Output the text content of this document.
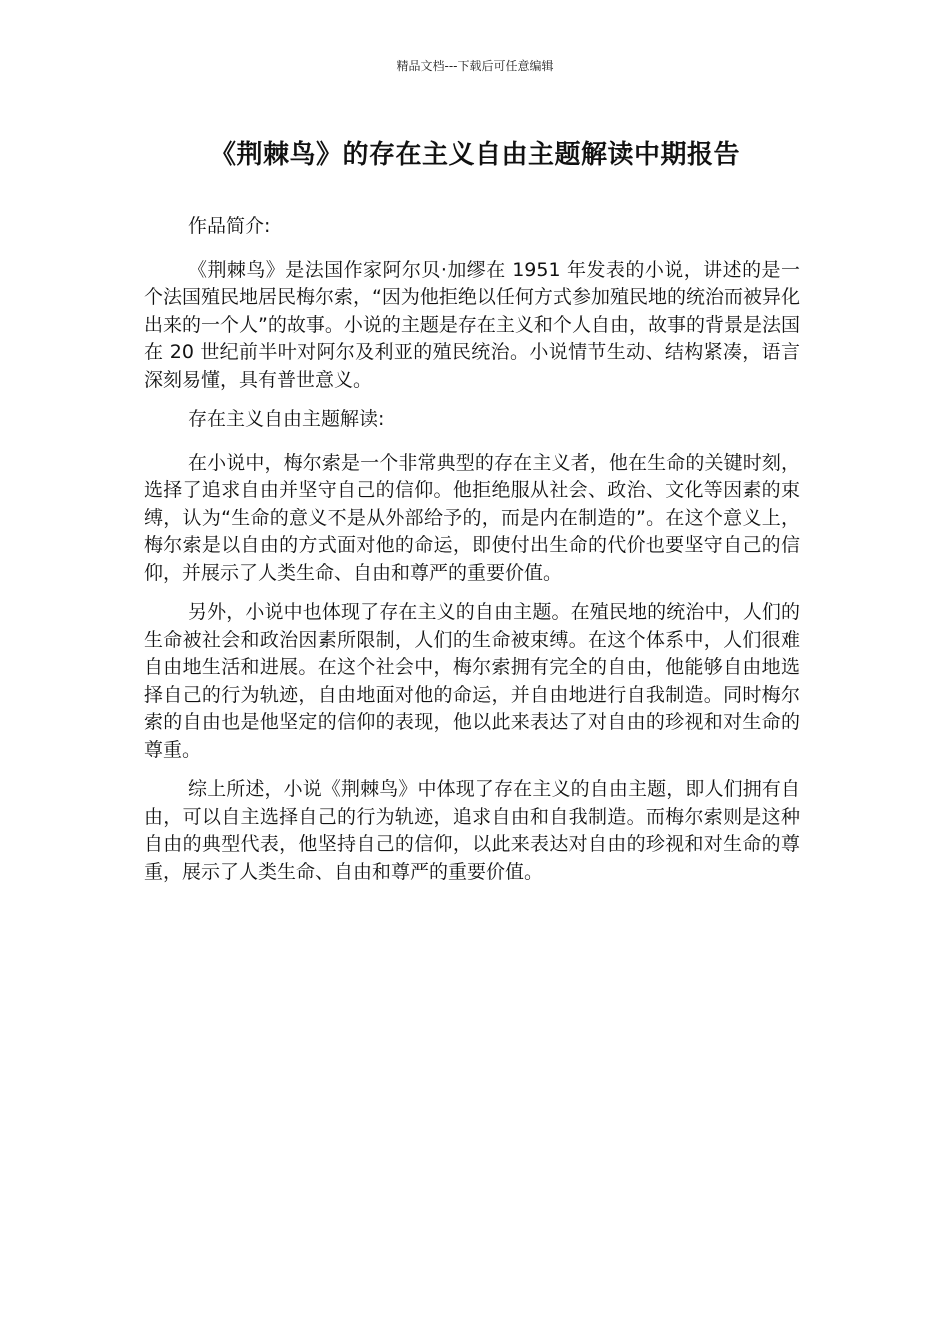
精品文档---下载后可任意编辑
《荆棘鸟》的存在主义自由主题解读中期报告

作品简介:

《荆棘鸟》是法国作家阿尔贝·加缪在 1951 年发表的小说，讲述的是一个法国殖民地居民梅尔索，“因为他拒绝以任何方式参加殖民地的统治而被异化出来的一个人”的故事。小说的主题是存在主义和个人自由，故事的背景是法国在 20 世纪前半叶对阿尔及利亚的殖民统治。小说情节生动、结构紧凑，语言深刻易懂，具有普世意义。

存在主义自由主题解读:

在小说中，梅尔索是一个非常典型的存在主义者，他在生命的关键时刻，选择了追求自由并坚守自己的信仰。他拒绝服从社会、政治、文化等因素的束缚，认为“生命的意义不是从外部给予的，而是内在制造的”。在这个意义上，梅尔索是以自由的方式面对他的命运，即使付出生命的代价也要坚守自己的信仰，并展示了人类生命、自由和尊严的重要价值。

另外，小说中也体现了存在主义的自由主题。在殖民地的统治中，人们的生命被社会和政治因素所限制，人们的生命被束缚。在这个体系中，人们很难自由地生活和进展。在这个社会中，梅尔索拥有完全的自由，他能够自由地选择自己的行为轨迹，自由地面对他的命运，并自由地进行自我制造。同时梅尔索的自由也是他坚定的信仰的表现，他以此来表达了对自由的珍视和对生命的尊重。

综上所述，小说《荆棘鸟》中体现了存在主义的自由主题，即人们拥有自由，可以自主选择自己的行为轨迹，追求自由和自我制造。而梅尔索则是这种自由的典型代表，他坚持自己的信仰，以此来表达对自由的珍视和对生命的尊重，展示了人类生命、自由和尊严的重要价值。
